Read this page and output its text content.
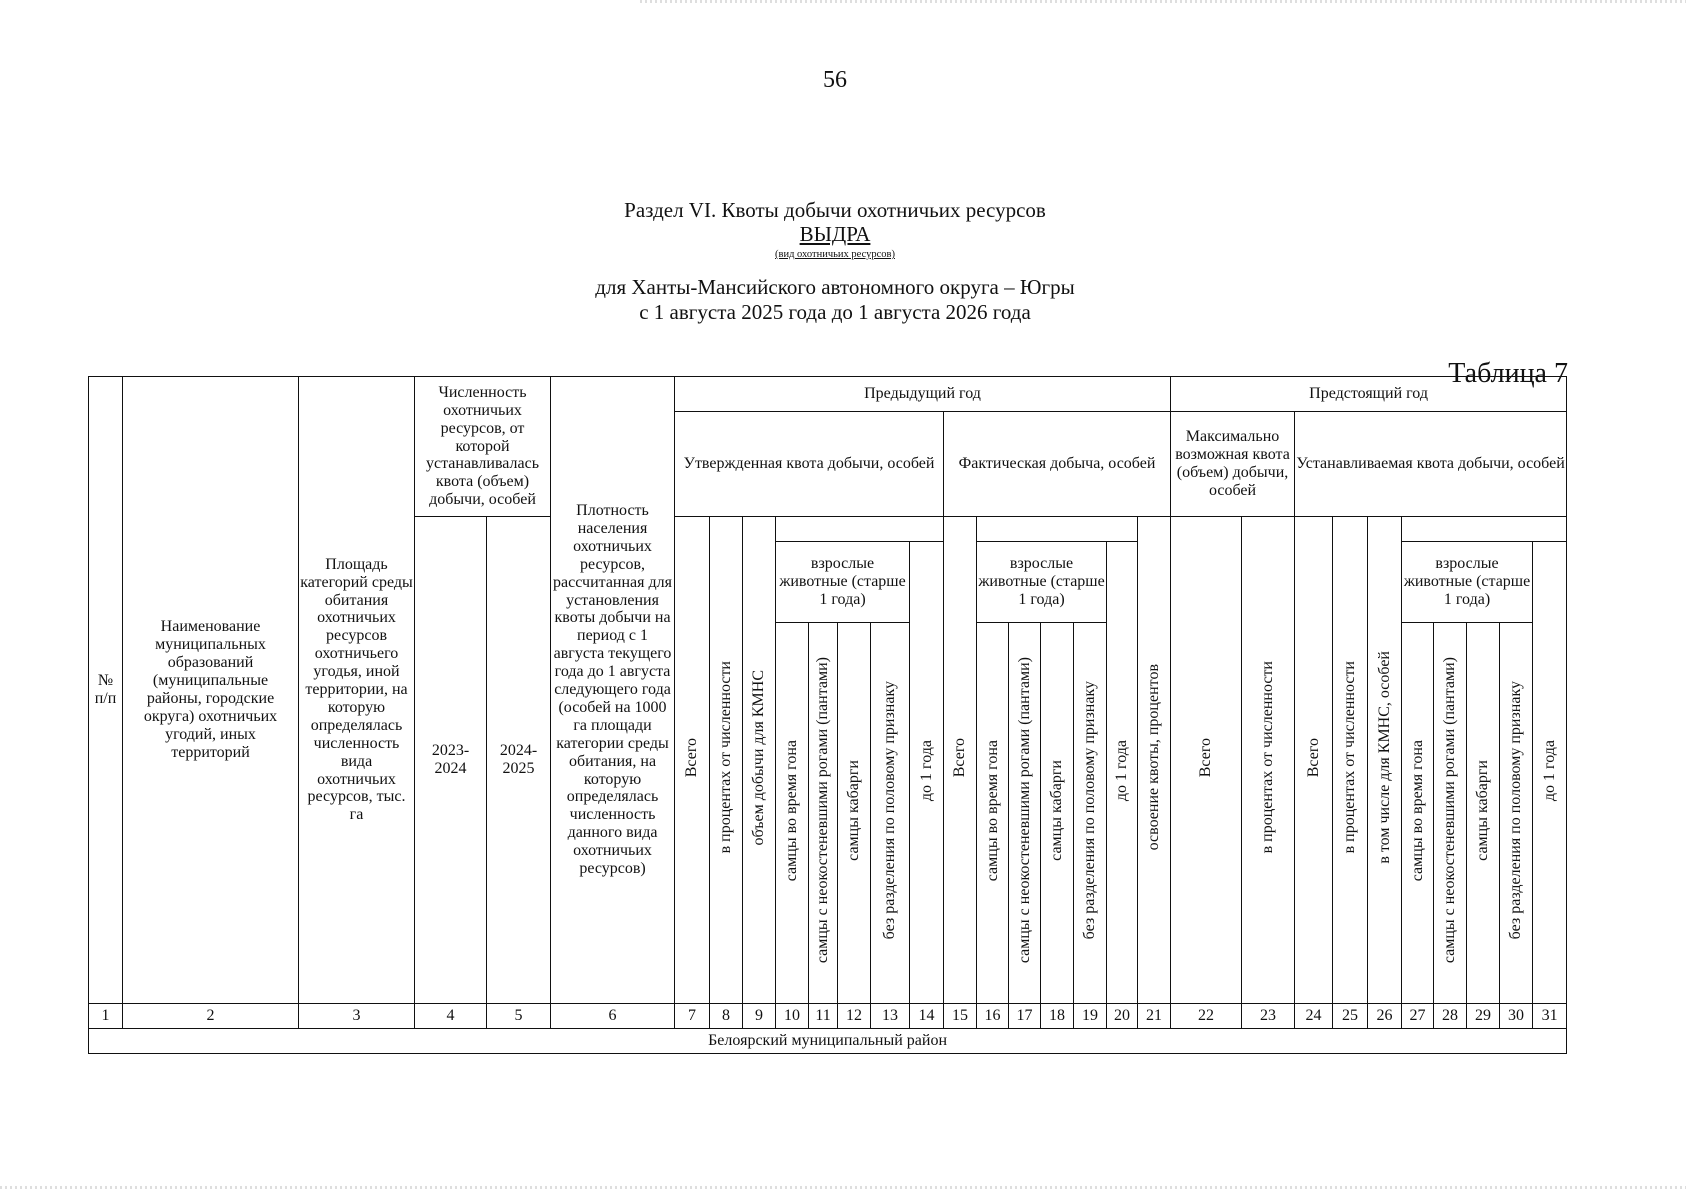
56
Раздел VI. Квоты добычи охотничьих ресурсов
ВЫДРА
(вид охотничьих ресурсов)
для Ханты-Мансийского автономного округа – Югры
с 1 августа 2025 года до 1 августа 2026 года
Таблица 7
№ п/п	Наименование муниципальных образований (муниципальные районы, городские округа) охотничьих угодий, иных территорий	Площадь категорий среды обитания охотничьих ресурсов охотничьего угодья, иной территории, на которую определялась численность вида охотничьих ресурсов, тыс. га	Численность охотничьих ресурсов, от которой устанавливалась квота (объем) добычи, особей		Плотность населения охотничьих ресурсов, рассчитанная для установления квоты добычи на период с 1 августа текущего года до 1 августа следующего года (особей на 1000 га площади категории среды обитания, на которую определялась численность данного вида охотничьих ресурсов)	Предыдущий год															Предстоящий год									
						Утвержденная квота добычи, особей								Фактическая добыча, особей							Максимально возможная квота (объем) добычи, особей		Устанавливаемая квота добычи, особей							
			2023-2024	2024-2025		Всего	в процентах от численности	объем добычи для КМНС						Всего						освоение квоты, процентов	Всего	в процентах от численности	Всего	в процентах от численности	в том числе для КМНС, особей					
									взрослые животные (старше 1 года)				до 1 года		взрослые животные (старше 1 года)				до 1 года							взрослые животные (старше 1 года)				до 1 года
									самцы во время гона	самцы с неокостеневшими рогами (пантами)	самцы кабарги	без разделения по половому признаку			самцы во время гона	самцы с неокостеневшими рогами (пантами)	самцы кабарги	без разделения по половому признаку								самцы во время гона	самцы с неокостеневшими рогами (пантами)	самцы кабарги	без разделения по половому признаку	
1	2	3	4	5	6	7	8	9	10	11	12	13	14	15	16	17	18	19	20	21	22	23	24	25	26	27	28	29	30	31
Белоярский муниципальный район																														
